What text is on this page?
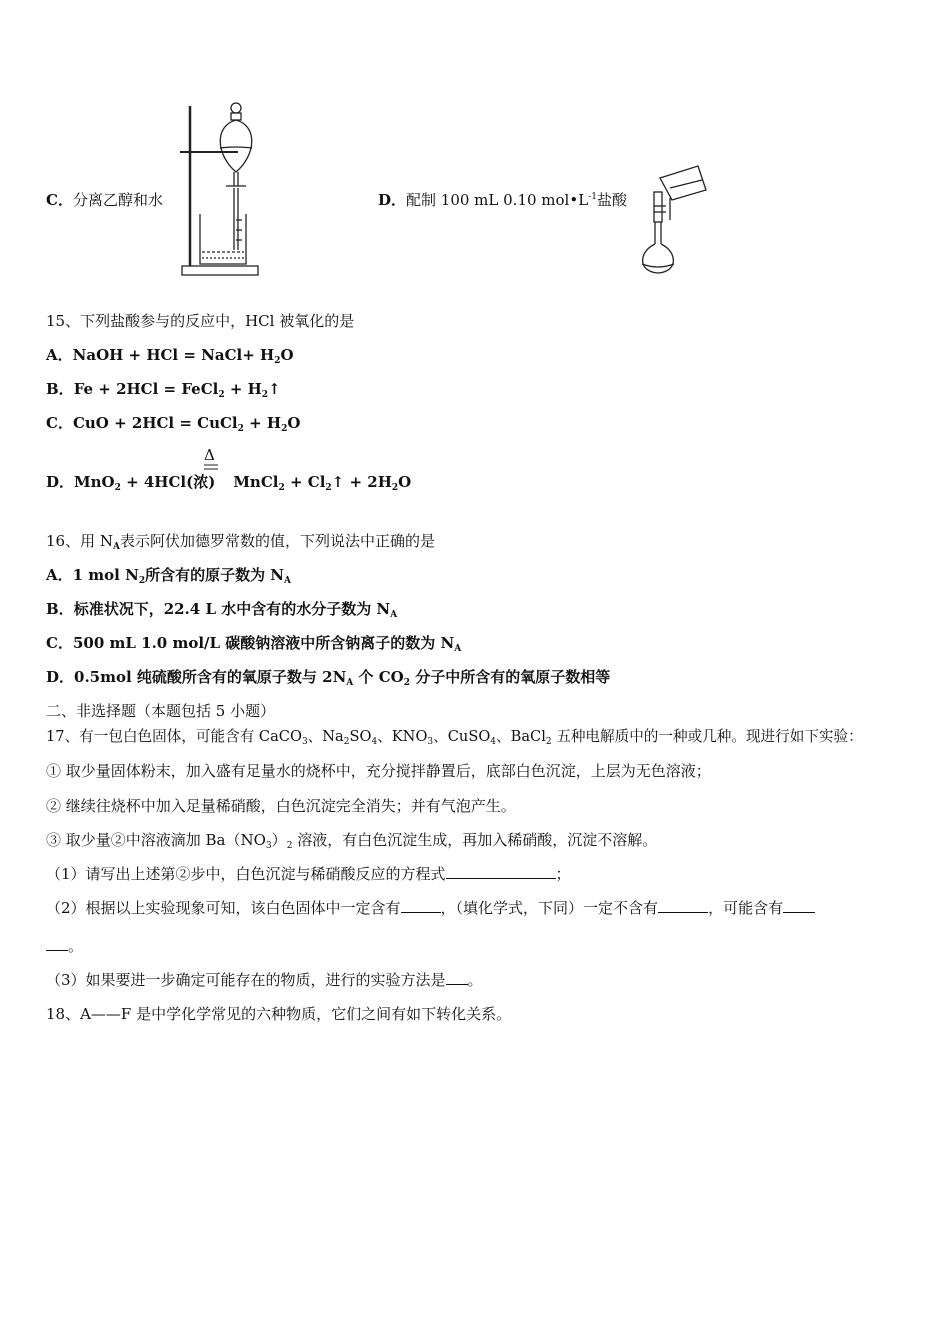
C．分离乙醇和水	D．配制 100 mL 0.10 $mol•L^{-1}$盐酸
15、下列盐酸参与的反应中，HCl 被氧化的是
A．NaOH + HCl = NaCl+ $H_2O$
B．Fe + 2HCl = FeCl$_2$ + $H_2↑$
C．CuO + 2HCl = CuCl$_2$ + $H_2O$
Δ
D．MnO$_2$ + 4HCl(浓) MnCl$_2$ + $Cl_2↑ + 2H_2O$
16、用 $N_A$表示阿伏加德罗常数的值，下列说法中正确的是
A．1 mol $N_2$所含有的原子数为 $N_A$
B．标准状况下，22.4 L 水中含有的水分子数为 $N_A$
C．500 mL 1.0 mol/L 碳酸钠溶液中所含钠离子的数为 $N_A$
D．0.5mol 纯硫酸所含有的氧原子数与 $2N_A$ 个 $CO_2$ 分子中所含有的氧原子数相等
二、非选择题（本题包括 5 小题）
17、有一包白色固体，可能含有 CaCO$_3$、$Na_2SO_4$、$KNO_3$、CuSO$_4$、BaCl$_2$ 五种电解质中的一种或几种。现进行如下实验：
① 取少量固体粉末，加入盛有足量水的烧杯中，充分搅拌静置后，底部白色沉淀，上层为无色溶液；
② 继续往烧杯中加入足量稀硝酸，白色沉淀完全消失；并有气泡产生。
③ 取少量②中溶液滴加 $Ba(NO_3)_2$ 溶液，有白色沉淀生成，再加入稀硝酸，沉淀不溶解。
（1）请写出上述第②步中，白色沉淀与稀硝酸反应的方程式	；
（2）根据以上实验现象可知，该白色固体中一定含有	，（填化学式，下同）一定不含有	，可能含有
。
（3）如果要进一步确定可能存在的物质，进行的实验方法是 。
18、A——F 是中学化学常见的六种物质，它们之间有如下转化关系。
